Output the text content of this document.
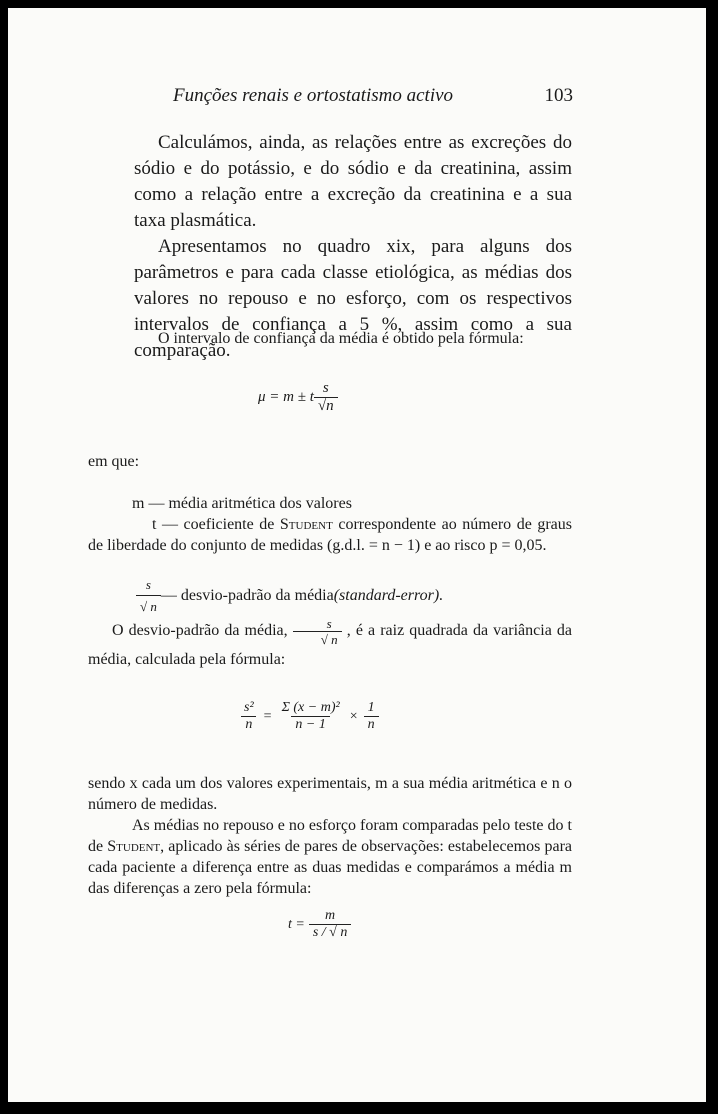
Funções renais e ortostatismo activo	103

Calculámos, ainda, as relações entre as excreções do sódio e do potássio, e do sódio e da creatinina, assim como a relação entre a excreção da creatinina e a sua taxa plasmática.

Apresentamos no quadro xix, para alguns dos parâmetros e para cada classe etiológica, as médias dos valores no repouso e no esforço, com os respectivos intervalos de confiança a 5 %, assim como a sua comparação.

O intervalo de confiança da média é obtido pela fórmula:

μ = m ± t $\frac{s}{√n}$
em que:

m — média aritmética dos valores

t — coeficiente de Student correspondente ao número de graus de liberdade do conjunto de medidas (g.d.l. = n − 1) e ao risco p = 0,05.

$\frac{s}{√ n}$ — desvio-padrão da média (standard-error).

O desvio-padrão da média, $\frac{s}{√ n}$ , é a raiz quadrada da variância da média, calculada pela fórmula:

$\frac{\text{s²}}{n} = \frac{\text{Σ (x − m)²}}{n - 1} \times \frac{1}{n}$

sendo x cada um dos valores experimentais, m a sua média aritmética e n o número de medidas.

As médias no repouso e no esforço foram comparadas pelo teste do t de Student, aplicado às séries de pares de observações: estabelecemos para cada paciente a diferença entre as duas medidas e comparámos a média m das diferenças a zero pela fórmula:

$t = \frac{m}{s / √ n}$
